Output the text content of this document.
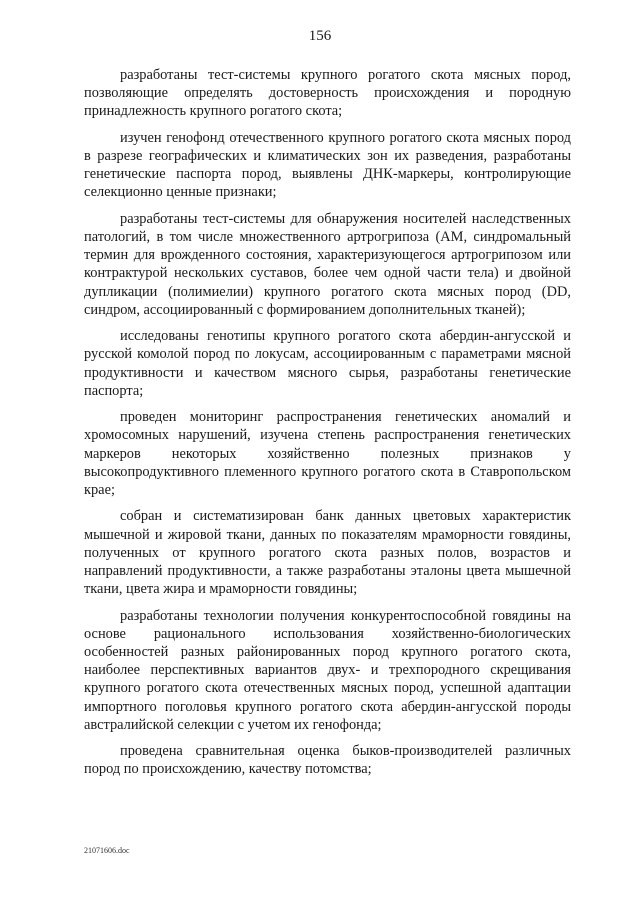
156

разработаны тест-системы крупного рогатого скота мясных пород, позволяющие определять достоверность происхождения и породную принадлежность крупного рогатого скота;

изучен генофонд отечественного крупного рогатого скота мясных пород в разрезе географических и климатических зон их разведения, разработаны генетические паспорта пород, выявлены ДНК-маркеры, контролирующие селекционно ценные признаки;

разработаны тест-системы для обнаружения носителей наследственных патологий, в том числе множественного артрогрипоза (АМ, синдромальный термин для врожденного состояния, характеризующегося артрогрипозом или контрактурой нескольких суставов, более чем одной части тела) и двойной дупликации (полимиелии) крупного рогатого скота мясных пород (DD, синдром, ассоциированный с формированием дополнительных тканей);

исследованы генотипы крупного рогатого скота абердин-ангусской и русской комолой пород по локусам, ассоциированным с параметрами мясной продуктивности и качеством мясного сырья, разработаны генетические паспорта;

проведен мониторинг распространения генетических аномалий и хромосомных нарушений, изучена степень распространения генетических маркеров некоторых хозяйственно полезных признаков у высокопродуктивного племенного крупного рогатого скота в Ставропольском крае;

собран и систематизирован банк данных цветовых характеристик мышечной и жировой ткани, данных по показателям мраморности говядины, полученных от крупного рогатого скота разных полов, возрастов и направлений продуктивности, а также разработаны эталоны цвета мышечной ткани, цвета жира и мраморности говядины;

разработаны технологии получения конкурентоспособной говядины на основе рационального использования хозяйственно-биологических особенностей разных районированных пород крупного рогатого скота, наиболее перспективных вариантов двух- и трехпородного скрещивания крупного рогатого скота отечественных мясных пород, успешной адаптации импортного поголовья крупного рогатого скота абердин-ангусской породы австралийской селекции с учетом их генофонда;

проведена сравнительная оценка быков-производителей различных пород по происхождению, качеству потомства;

21071606.doc
